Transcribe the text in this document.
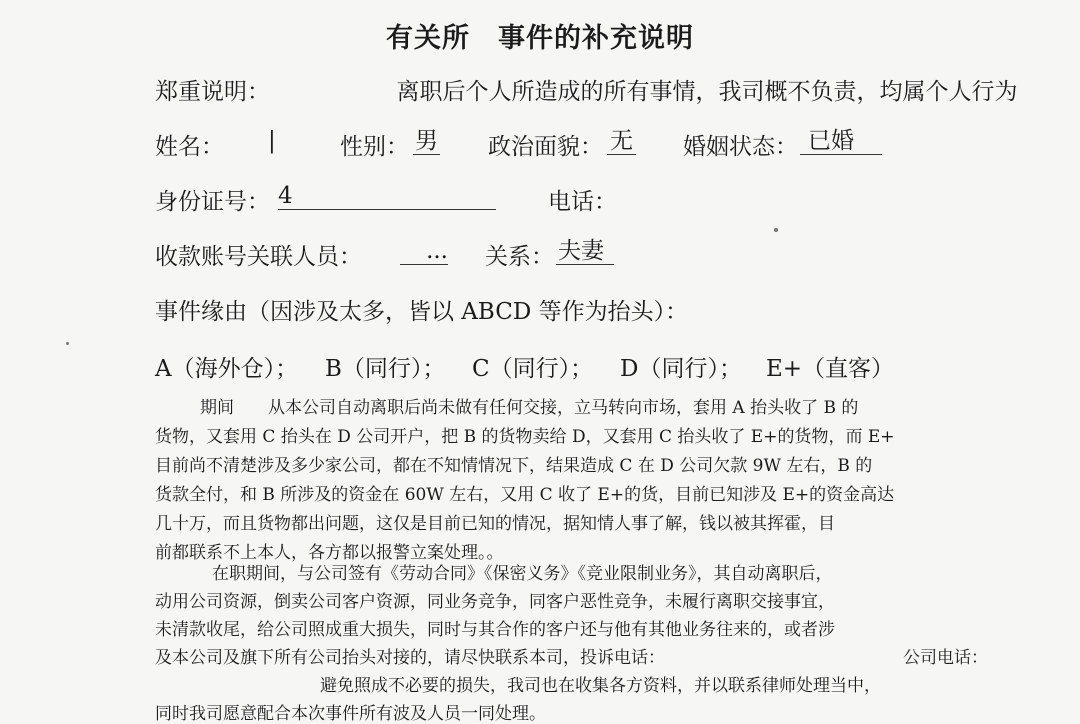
有关所　事件的补充说明
郑重说明：　　　　　　离职后个人所造成的所有事情，我司概不负责，均属个人行为
姓名： |	性别： 男 政治面貌： 无 婚姻状态： 已婚
身份证号： 4	电话：
收款账号关联人员：	... 关系： 夫妻
事件缘由（因涉及太多，皆以 ABCD 等作为抬头）：
A（海外仓）； B（同行）； C（同行）； D（同行）； E+（直客）
期间　　从本公司自动离职后尚未做有任何交接，立马转向市场，套用 A 抬头收了 B 的
货物，又套用 C 抬头在 D 公司开户，把 B 的货物卖给 D，又套用 C 抬头收了 E+的货物，而 E+
目前尚不清楚涉及多少家公司，都在不知情情况下，结果造成 C 在 D 公司欠款 9W 左右，B 的
货款全付，和 B 所涉及的资金在 60W 左右，又用 C 收了 E+的货，目前已知涉及 E+的资金高达
几十万，而且货物都出问题，这仅是目前已知的情况，据知情人事了解，钱以被其挥霍，目
前都联系不上本人，各方都以报警立案处理。。
在职期间，与公司签有《劳动合同》《保密义务》《竞业限制业务》，其自动离职后，
动用公司资源，倒卖公司客户资源，同业务竞争，同客户恶性竞争，未履行离职交接事宜，
未清款收尾，给公司照成重大损失，同时与其合作的客户还与他有其他业务往来的，或者涉
及本公司及旗下所有公司抬头对接的，请尽快联系本司，投诉电话：	公司电话：
避免照成不必要的损失，我司也在收集各方资料，并以联系律师处理当中，
同时我司愿意配合本次事件所有波及人员一同处理。
